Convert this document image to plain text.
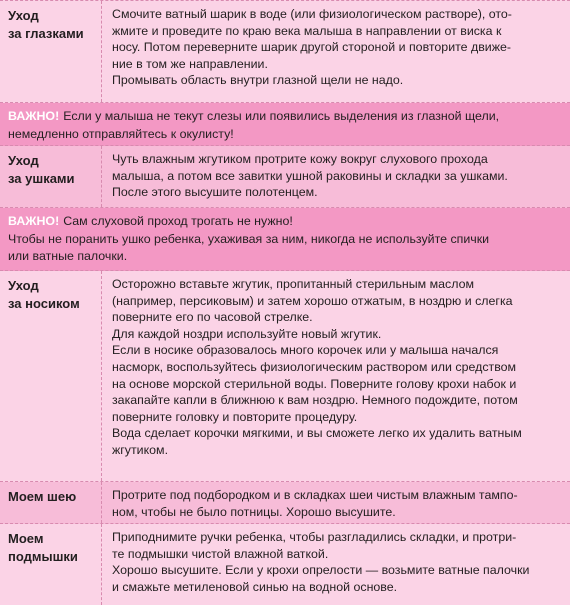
Уход
за глазками

Смочите ватный шарик в воде (или физиологическом растворе), ото-

жмите и проведите по краю века малыша в направлении от виска к

носу. Потом переверните шарик другой стороной и повторите движе-

ние в том же направлении.

Промывать область внутри глазной щели не надо.

ВАЖНО! Если у малыша не текут слезы или появились выделения из глазной щели,

немедленно отправляйтесь к окулисту!

Уход
за ушками

Чуть влажным жгутиком протрите кожу вокруг слухового прохода

малыша, а потом все завитки ушной раковины и складки за ушками.

После этого высушите полотенцем.

ВАЖНО! Сам слуховой проход трогать не нужно!

Чтобы не поранить ушко ребенка, ухаживая за ним, никогда не используйте спички

или ватные палочки.

Уход
за носиком

Осторожно вставьте жгутик, пропитанный стерильным маслом

(например, персиковым) и затем хорошо отжатым, в ноздрю и слегка

поверните его по часовой стрелке.

Для каждой ноздри используйте новый жгутик.

Если в носике образовалось много корочек или у малыша начался

насморк, воспользуйтесь физиологическим раствором или средством

на основе морской стерильной воды. Поверните голову крохи набок и

закапайте капли в ближнюю к вам ноздрю. Немного подождите, потом

поверните головку и повторите процедуру.

Вода сделает корочки мягкими, и вы сможете легко их удалить ватным

жгутиком.

Моем шею	Протрите под подбородком и в складках шеи чистым влажным тампо-

ном, чтобы не было потницы. Хорошо высушите.

Моем
подмышки

Приподнимите ручки ребенка, чтобы разгладились складки, и протри-

те подмышки чистой влажной ваткой.

Хорошо высушите. Если у крохи опрелости — возьмите ватные палочки

и смажьте метиленовой синью на водной основе.
